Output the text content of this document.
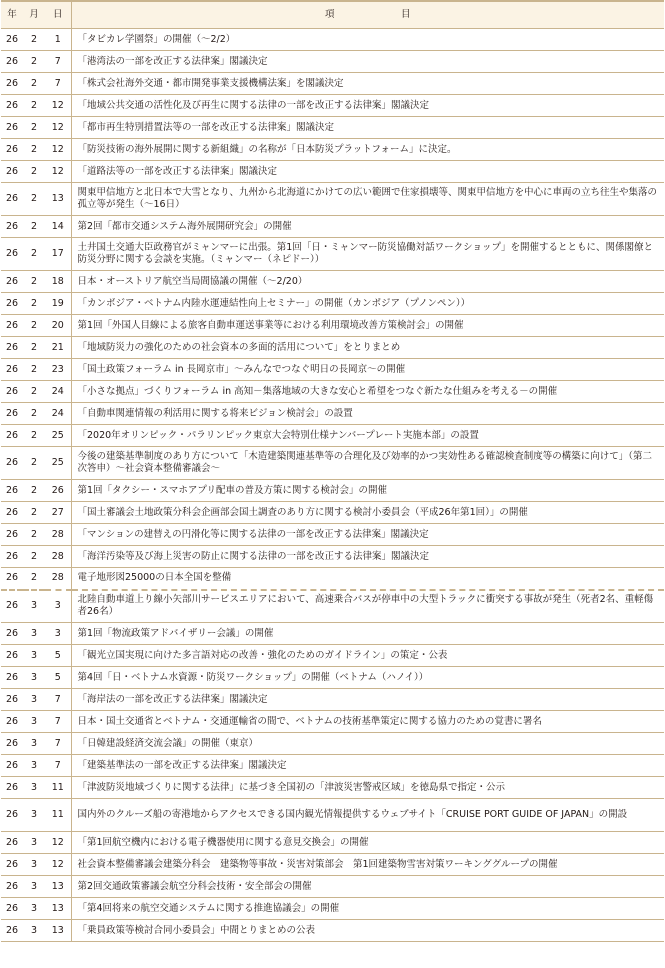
年	月	日	項　　　　　　　目
26	2	1	「タビカレ学園祭」の開催（～2/2）
26	2	7	「港湾法の一部を改正する法律案」閣議決定
26	2	7	「株式会社海外交通・都市開発事業支援機構法案」を閣議決定
26	2	12	「地域公共交通の活性化及び再生に関する法律の一部を改正する法律案」閣議決定
26	2	12	「都市再生特別措置法等の一部を改正する法律案」閣議決定
26	2	12	「防災技術の海外展開に関する新組織」の名称が「日本防災プラットフォーム」に決定。
26	2	12	「道路法等の一部を改正する法律案」閣議決定
26	2	13	関東甲信地方と北日本で大雪となり、九州から北海道にかけての広い範囲で住家損壊等、関東甲信地方を中心に車両の立ち往生や集落の孤立等が発生（～16日）
26	2	14	第2回「都市交通システム海外展開研究会」の開催
26	2	17	土井国土交通大臣政務官がミャンマーに出張。第1回「日・ミャンマー防災協働対話ワークショップ」を開催するとともに、関係閣僚と防災分野に関する会談を実施。（ミャンマー（ネピドー））
26	2	18	日本・オーストリア航空当局間協議の開催（～2/20）
26	2	19	「カンボジア・ベトナム内陸水運連結性向上セミナー」の開催（カンボジア（プノンペン））
26	2	20	第1回「外国人目線による旅客自動車運送事業等における利用環境改善方策検討会」の開催
26	2	21	「地域防災力の強化のための社会資本の多面的活用について」をとりまとめ
26	2	23	「国土政策フォーラム in 長岡京市」～みんなでつなぐ明日の長岡京～の開催
26	2	24	「小さな拠点」づくりフォーラム in 高知－集落地域の大きな安心と希望をつなぐ新たな仕組みを考える－の開催
26	2	24	「自動車関連情報の利活用に関する将来ビジョン検討会」の設置
26	2	25	「2020年オリンピック・パラリンピック東京大会特別仕様ナンバープレート実施本部」の設置
26	2	25	今後の建築基準制度のあり方について「木造建築関連基準等の合理化及び効率的かつ実効性ある確認検査制度等の構築に向けて」（第二次答申）～社会資本整備審議会～
26	2	26	第1回「タクシー・スマホアプリ配車の普及方策に関する検討会」の開催
26	2	27	「国土審議会土地政策分科会企画部会国土調査のあり方に関する検討小委員会（平成26年第1回）」の開催
26	2	28	「マンションの建替えの円滑化等に関する法律の一部を改正する法律案」閣議決定
26	2	28	「海洋汚染等及び海上災害の防止に関する法律の一部を改正する法律案」閣議決定
26	2	28	電子地形図25000の日本全国を整備
26	3	3	北陸自動車道上り線小矢部川サービスエリアにおいて、高速乗合バスが停車中の大型トラックに衝突する事故が発生（死者2名、重軽傷者26名）
26	3	3	第1回「物流政策アドバイザリー会議」の開催
26	3	5	「観光立国実現に向けた多言語対応の改善・強化のためのガイドライン」の策定・公表
26	3	5	第4回「日・ベトナム水資源・防災ワークショップ」の開催（ベトナム（ハノイ））
26	3	7	「海岸法の一部を改正する法律案」閣議決定
26	3	7	日本・国土交通省とベトナム・交通運輸省の間で、ベトナムの技術基準策定に関する協力のための覚書に署名
26	3	7	「日韓建設経済交流会議」の開催（東京）
26	3	7	「建築基準法の一部を改正する法律案」閣議決定
26	3	11	「津波防災地域づくりに関する法律」に基づき全国初の「津波災害警戒区域」を徳島県で指定・公示
26	3	11	国内外のクルーズ船の寄港地からアクセスできる国内観光情報提供するウェブサイト「CRUISE PORT GUIDE OF JAPAN」の開設
26	3	12	「第1回航空機内における電子機器使用に関する意見交換会」の開催
26	3	12	社会資本整備審議会建築分科会　建築物等事故・災害対策部会　第1回建築物雪害対策ワーキンググループの開催
26	3	13	第2回交通政策審議会航空分科会技術・安全部会の開催
26	3	13	「第4回将来の航空交通システムに関する推進協議会」の開催
26	3	13	「乗員政策等検討合同小委員会」中間とりまとめの公表
